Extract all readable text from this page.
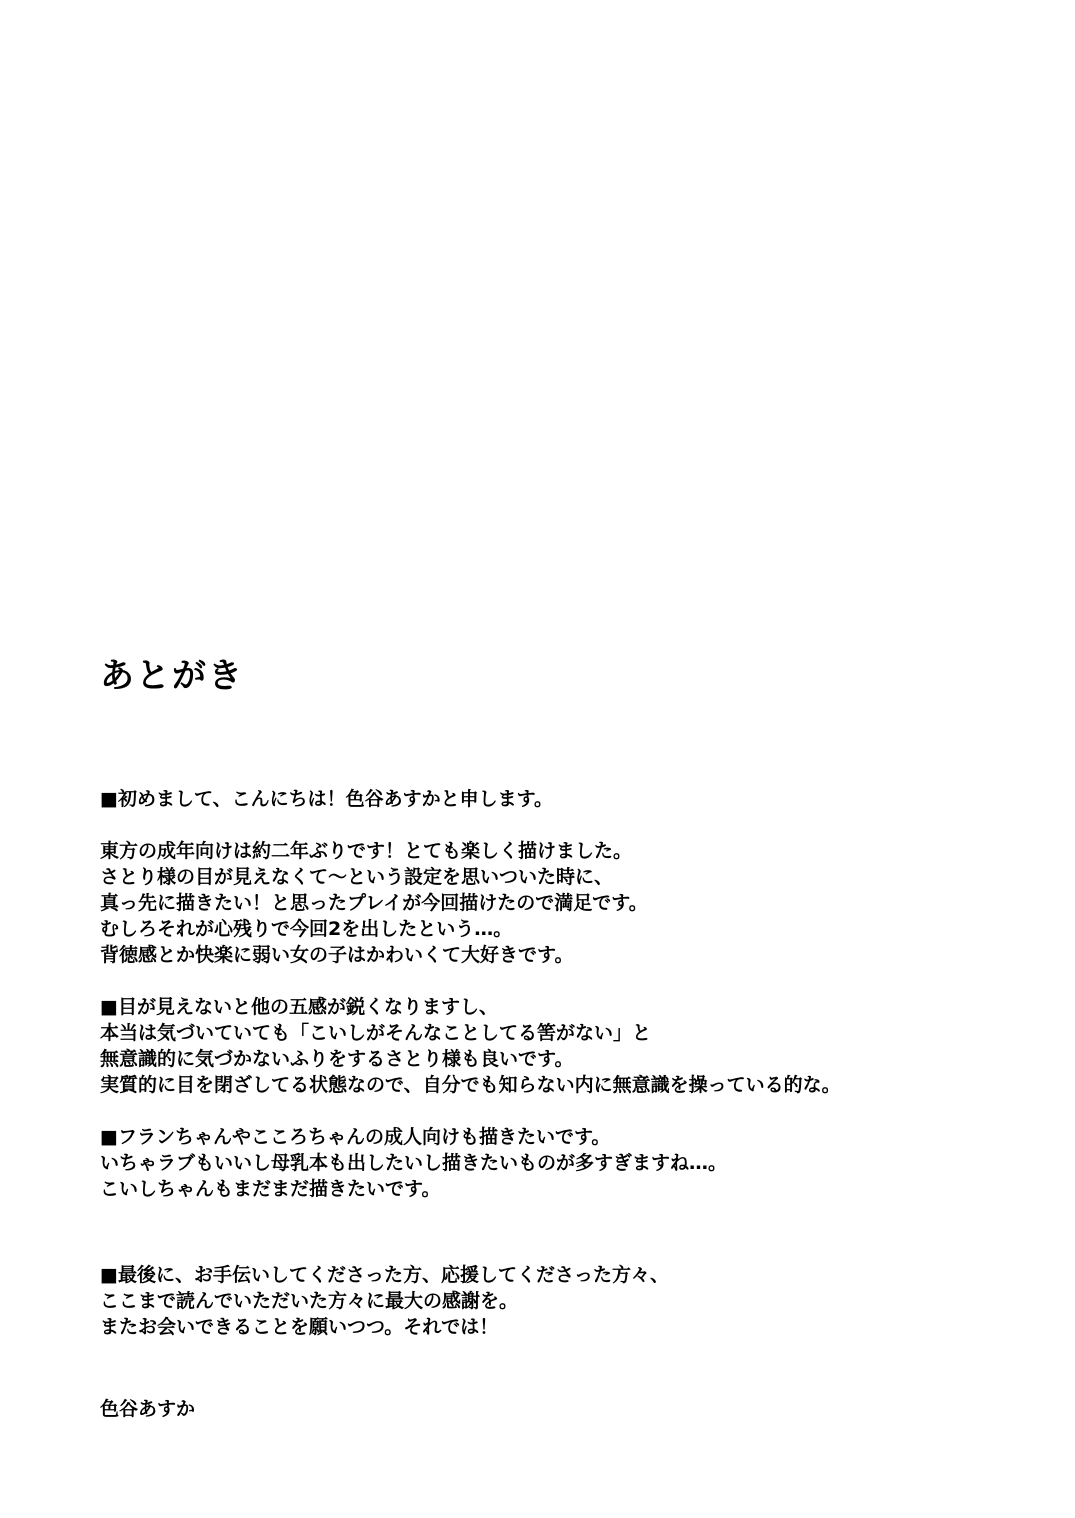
あとがき
■初めまして、こんにちは！色谷あすかと申します。
東方の成年向けは約二年ぶりです！とても楽しく描けました。
さとり様の目が見えなくて〜という設定を思いついた時に、
真っ先に描きたい！と思ったプレイが今回描けたので満足です。
むしろそれが心残りで今回2を出したという…。
背徳感とか快楽に弱い女の子はかわいくて大好きです。
■目が見えないと他の五感が鋭くなりますし、
本当は気づいていても「こいしがそんなことしてる筈がない」と
無意識的に気づかないふりをするさとり様も良いです。
実質的に目を閉ざしてる状態なので、自分でも知らない内に無意識を操っている的な。
■フランちゃんやこころちゃんの成人向けも描きたいです。
いちゃラブもいいし母乳本も出したいし描きたいものが多すぎますね…。
こいしちゃんもまだまだ描きたいです。
■最後に、お手伝いしてくださった方、応援してくださった方々、
ここまで読んでいただいた方々に最大の感謝を。
またお会いできることを願いつつ。それでは！
色谷あすか
